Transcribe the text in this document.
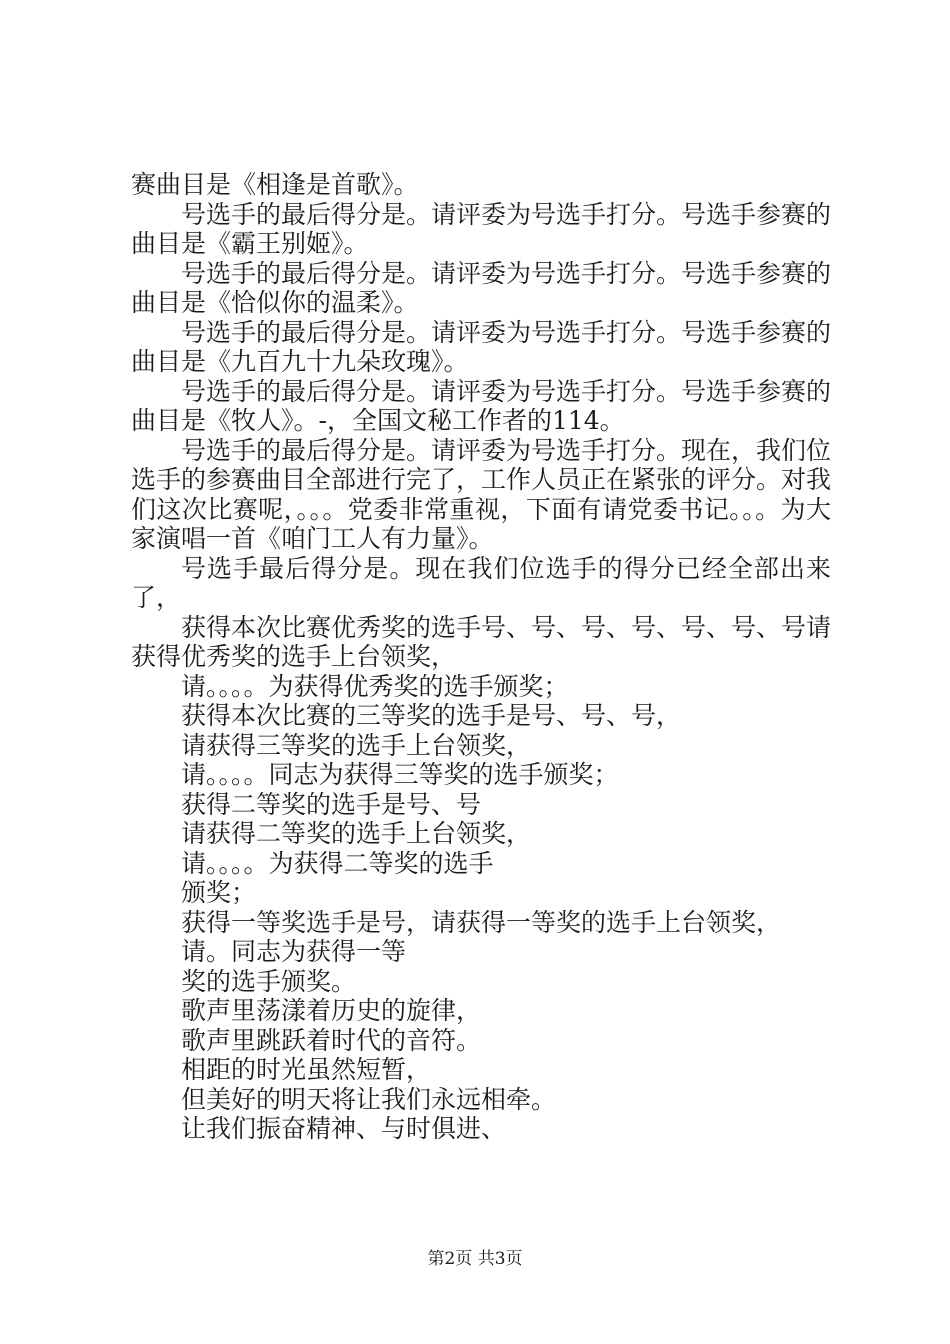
赛曲目是《相逢是首歌》。

号选手的最后得分是。请评委为号选手打分。号选手参赛的曲目是《霸王别姬》。

号选手的最后得分是。请评委为号选手打分。号选手参赛的曲目是《恰似你的温柔》。

号选手的最后得分是。请评委为号选手打分。号选手参赛的曲目是《九百九十九朵玫瑰》。

号选手的最后得分是。请评委为号选手打分。号选手参赛的曲目是《牧人》。-，全国文秘工作者的114。

号选手的最后得分是。请评委为号选手打分。现在，我们位选手的参赛曲目全部进行完了，工作人员正在紧张的评分。对我们这次比赛呢，。。。党委非常重视，下面有请党委书记。。。为大家演唱一首《咱门工人有力量》。

号选手最后得分是。现在我们位选手的得分已经全部出来了，

获得本次比赛优秀奖的选手号、号、号、号、号、号、号请获得优秀奖的选手上台领奖，

请。。。。为获得优秀奖的选手颁奖；

获得本次比赛的三等奖的选手是号、号、号，

请获得三等奖的选手上台领奖，

请。。。。同志为获得三等奖的选手颁奖；

获得二等奖的选手是号、号

请获得二等奖的选手上台领奖，

请。。。。为获得二等奖的选手

颁奖；

获得一等奖选手是号，请获得一等奖的选手上台领奖，

请。同志为获得一等

奖的选手颁奖。

歌声里荡漾着历史的旋律，

歌声里跳跃着时代的音符。

相距的时光虽然短暂，

但美好的明天将让我们永远相牵。

让我们振奋精神、与时俱进、

第2页 共3页
